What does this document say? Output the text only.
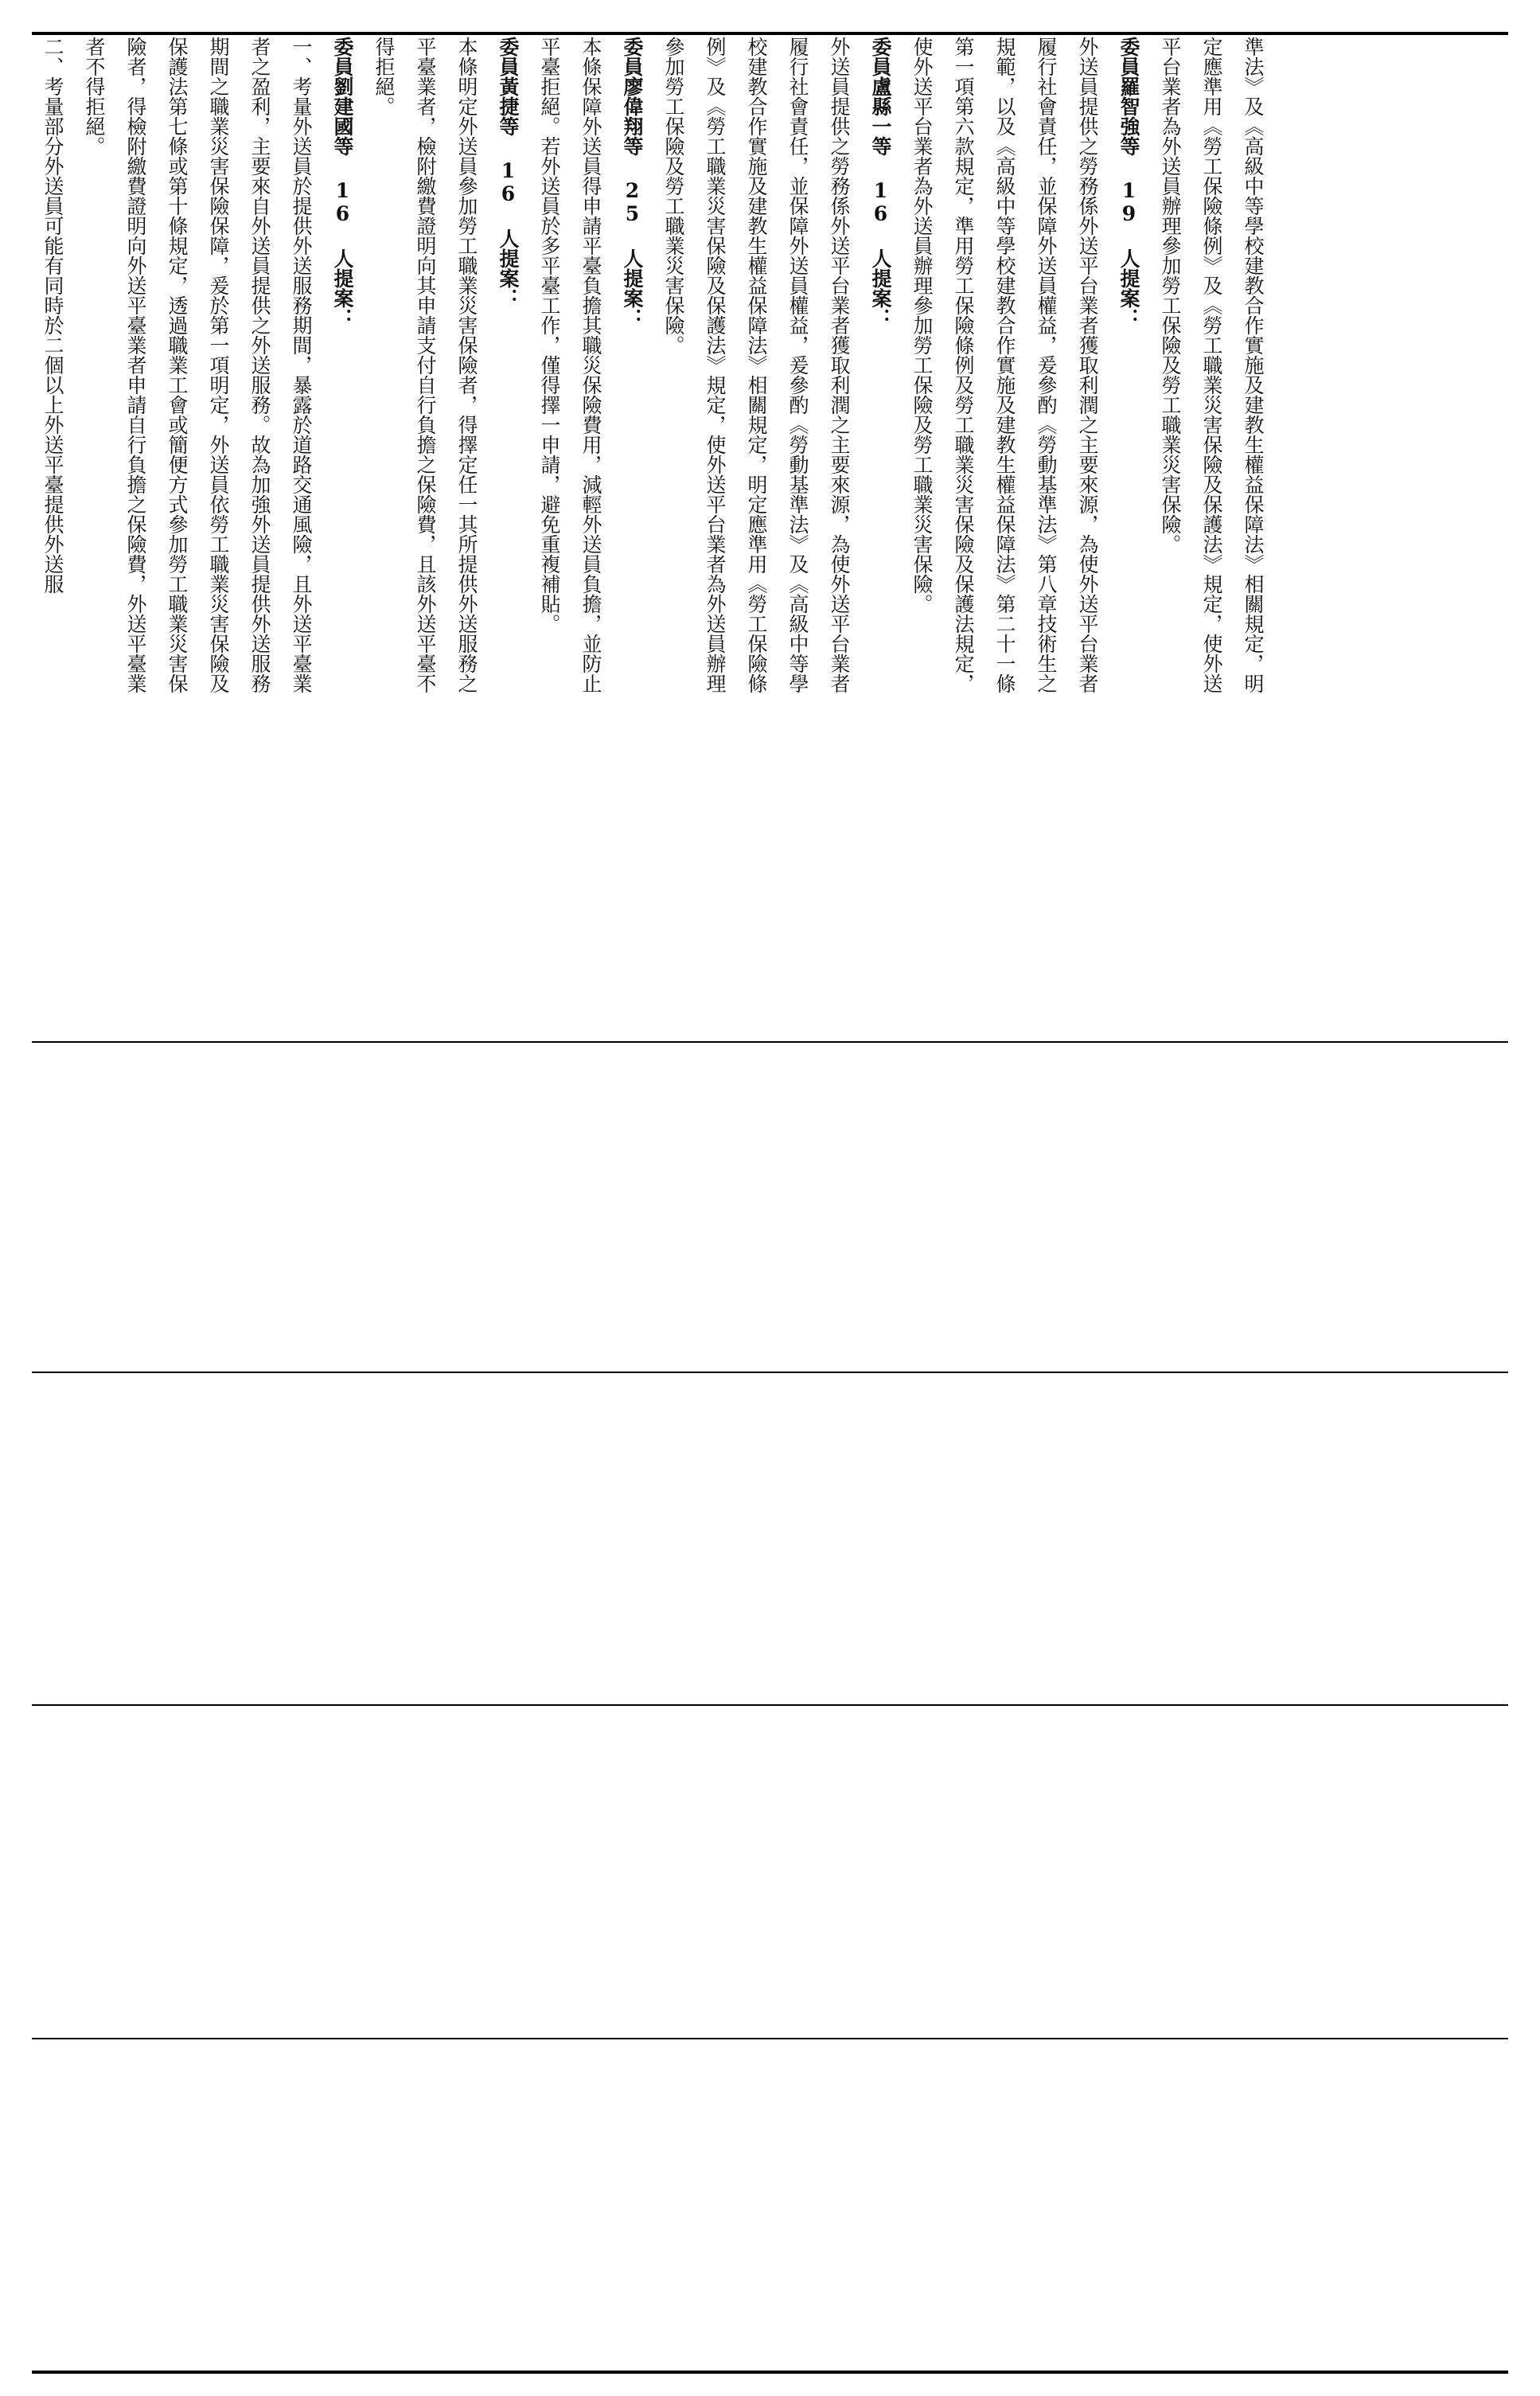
準法》及《高級中等學校建教合作實施及建教生權益保障法》相關規定，明定應準用《勞工保險條例》及《勞工職業災害保險及保護法》規定，使外送平台業者為外送員辦理參加勞工保險及勞工職業災害保險。

委員羅智強等 19 人提案：

外送員提供之勞務係外送平台業者獲取利潤之主要來源，為使外送平台業者履行社會責任，並保障外送員權益，爰參酌《勞動基準法》第八章技術生之規範，以及《高級中等學校建教合作實施及建教生權益保障法》第二十一條第一項第六款規定，準用勞工保險條例及勞工職業災害保險及保護法規定，使外送平台業者為外送員辦理參加勞工保險及勞工職業災害保險。

委員盧縣一等 16 人提案：

外送員提供之勞務係外送平台業者獲取利潤之主要來源，為使外送平台業者履行社會責任，並保障外送員權益，爰參酌《勞動基準法》及《高級中等學校建教合作實施及建教生權益保障法》相關規定，明定應準用《勞工保險條例》及《勞工職業災害保險及保護法》規定，使外送平台業者為外送員辦理參加勞工保險及勞工職業災害保險。

委員廖偉翔等 25 人提案：

本條保障外送員得申請平臺負擔其職災保險費用，減輕外送員負擔，並防止平臺拒絕。若外送員於多平臺工作，僅得擇一申請，避免重複補貼。

委員黃捷等 16 人提案：

本條明定外送員參加勞工職業災害保險者，得擇定任一其所提供外送服務之平臺業者，檢附繳費證明向其申請支付自行負擔之保險費，且該外送平臺不得拒絕。

委員劉建國等 16 人提案：

一、考量外送員於提供外送服務期間，暴露於道路交通風險，且外送平臺業者之盈利，主要來自外送員提供之外送服務。故為加強外送員提供外送服務期間之職業災害保險保障，爰於第一項明定，外送員依勞工職業災害保險及保護法第七條或第十條規定，透過職業工會或簡便方式參加勞工職業災害保險者，得檢附繳費證明向外送平臺業者申請自行負擔之保險費，外送平臺業者不得拒絕。

二、考量部分外送員可能有同時於二個以上外送平臺提供外送服
